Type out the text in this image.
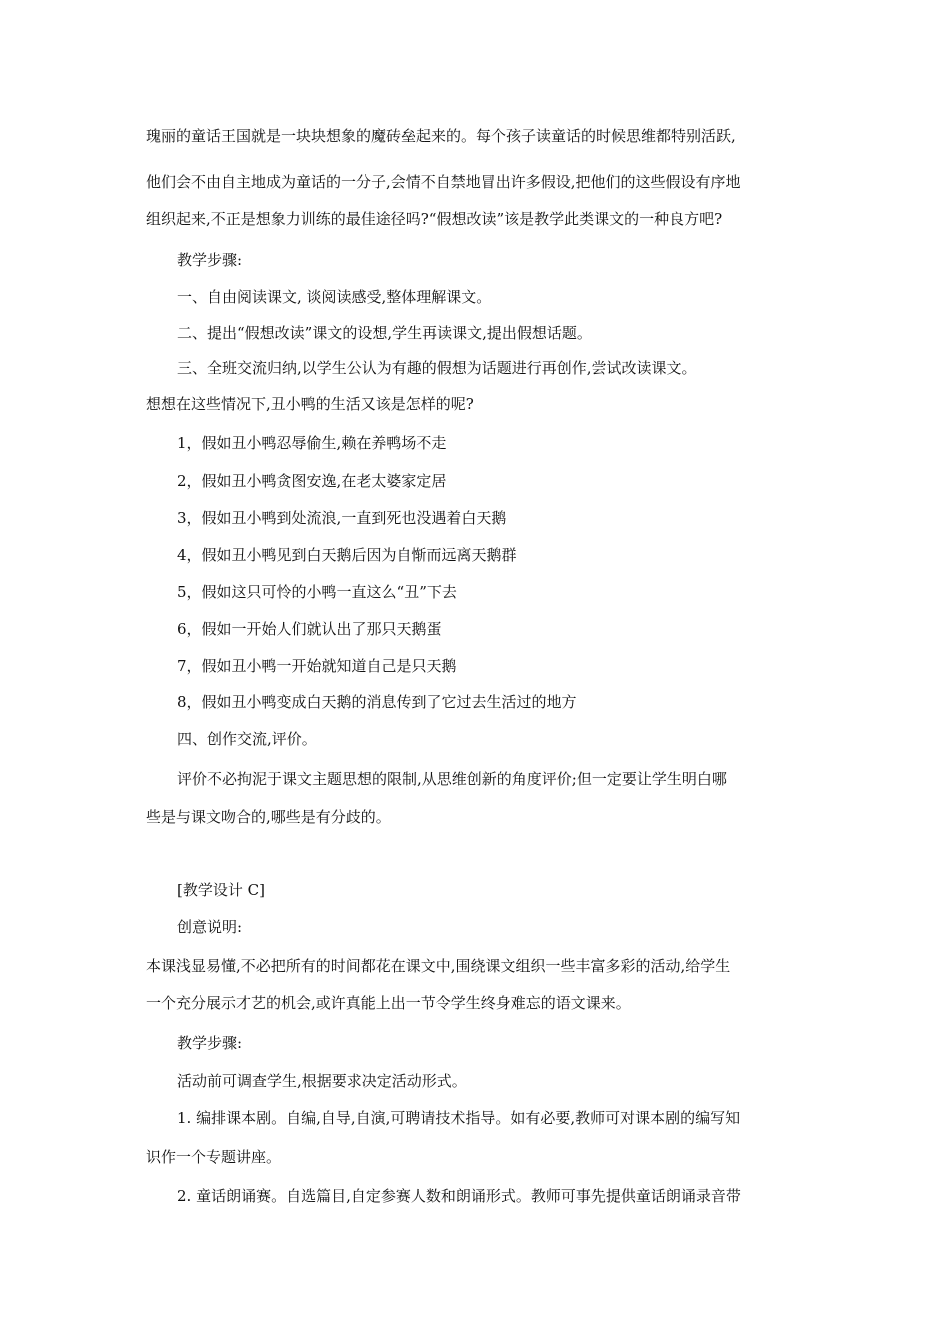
瑰丽的童话王国就是一块块想象的魔砖垒起来的。每个孩子读童话的时候思维都特别活跃,
他们会不由自主地成为童话的一分子,会情不自禁地冒出许多假设,把他们的这些假设有序地
组织起来,不正是想象力训练的最佳途径吗?“假想改读”该是教学此类课文的一种良方吧?
教学步骤:
一、自由阅读课文, 谈阅读感受,整体理解课文。
二、提出“假想改读”课文的设想,学生再读课文,提出假想话题。
三、全班交流归纳,以学生公认为有趣的假想为话题进行再创作,尝试改读课文。
想想在这些情况下,丑小鸭的生活又该是怎样的呢?
1，假如丑小鸭忍辱偷生,赖在养鸭场不走
2，假如丑小鸭贪图安逸,在老太婆家定居
3，假如丑小鸭到处流浪,一直到死也没遇着白天鹅
4，假如丑小鸭见到白天鹅后因为自惭而远离天鹅群
5，假如这只可怜的小鸭一直这么“丑”下去
6，假如一开始人们就认出了那只天鹅蛋
7，假如丑小鸭一开始就知道自己是只天鹅
8，假如丑小鸭变成白天鹅的消息传到了它过去生活过的地方
四、创作交流,评价。
评价不必拘泥于课文主题思想的限制,从思维创新的角度评价;但一定要让学生明白哪
些是与课文吻合的,哪些是有分歧的。
[教学设计 C]
创意说明:
本课浅显易懂,不必把所有的时间都花在课文中,围绕课文组织一些丰富多彩的活动,给学生
一个充分展示才艺的机会,或许真能上出一节令学生终身难忘的语文课来。
教学步骤:
活动前可调查学生,根据要求决定活动形式。
1. 编排课本剧。自编,自导,自演,可聘请技术指导。如有必要,教师可对课本剧的编写知
识作一个专题讲座。
2. 童话朗诵赛。自选篇目,自定参赛人数和朗诵形式。教师可事先提供童话朗诵录音带
